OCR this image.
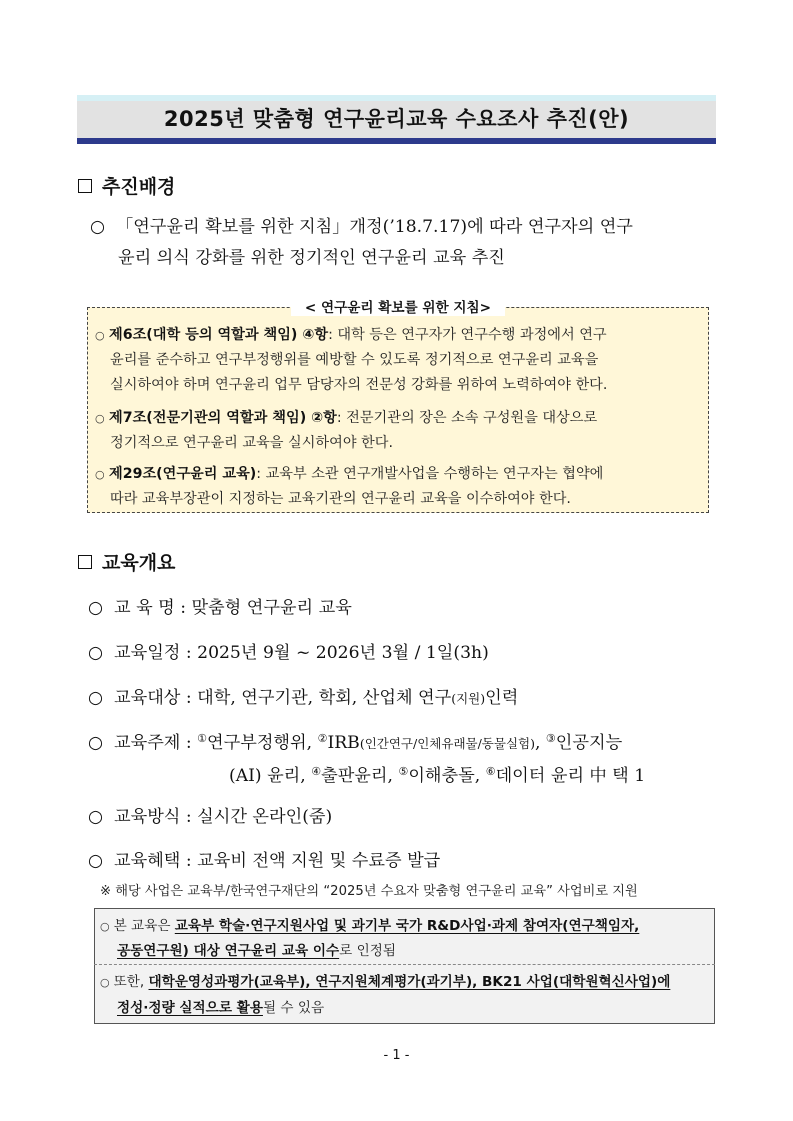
2025년 맞춤형 연구윤리교육 수요조사 추진(안)
추진배경
○ 「연구윤리 확보를 위한 지침」개정(’18.7.17)에 따라 연구자의 연구
윤리 의식 강화를 위한 정기적인 연구윤리 교육 추진
< 연구윤리 확보를 위한 지침>
○ 제6조(대학 등의 역할과 책임) ④항: 대학 등은 연구자가 연구수행 과정에서 연구
윤리를 준수하고 연구부정행위를 예방할 수 있도록 정기적으로 연구윤리 교육을
실시하여야 하며 연구윤리 업무 담당자의 전문성 강화를 위하여 노력하여야 한다.
○ 제7조(전문기관의 역할과 책임) ②항: 전문기관의 장은 소속 구성원을 대상으로
정기적으로 연구윤리 교육을 실시하여야 한다.
○ 제29조(연구윤리 교육): 교육부 소관 연구개발사업을 수행하는 연구자는 협약에
따라 교육부장관이 지정하는 교육기관의 연구윤리 교육을 이수하여야 한다.
교육개요
○ 교 육 명 : 맞춤형 연구윤리 교육
○ 교육일정 : 2025년 9월 ~ 2026년 3월 / 1일(3h)
○ 교육대상 : 대학, 연구기관, 학회, 산업체 연구(지원)인력
○ 교육주제 : ①연구부정행위, ②IRB(인간연구/인체유래물/동물실험), ③인공지능
(AI) 윤리, ④출판윤리, ⑤이해충돌, ⑥데이터 윤리 中 택 1
○ 교육방식 : 실시간 온라인(줌)
○ 교육혜택 : 교육비 전액 지원 및 수료증 발급
※ 해당 사업은 교육부/한국연구재단의 “2025년 수요자 맞춤형 연구윤리 교육” 사업비로 지원
○ 본 교육은 교육부 학술·연구지원사업 및 과기부 국가 R&D사업·과제 참여자(연구책임자,
공동연구원) 대상 연구윤리 교육 이수로 인정됨
○ 또한, 대학운영성과평가(교육부), 연구지원체계평가(과기부), BK21 사업(대학원혁신사업)에
정성·정량 실적으로 활용될 수 있음
- 1 -
